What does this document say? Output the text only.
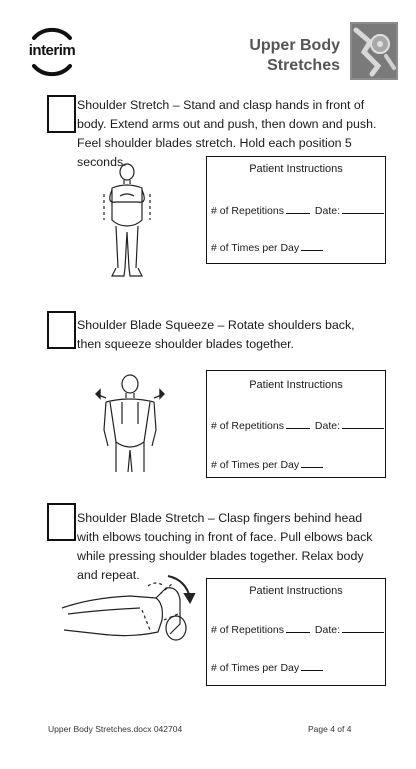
interim	Upper Body
Stretches
Shoulder Stretch – Stand and clasp hands in front of body. Extend arms out and push, then down and push. Feel shoulder blades stretch. Hold each position 5 seconds.	Patient Instructions
# of Repetitions	Date:
# of Times per Day
Shoulder Blade Squeeze – Rotate shoulders back, then squeeze shoulder blades together.
Patient Instructions
# of Repetitions	Date:
# of Times per Day
Shoulder Blade Stretch – Clasp fingers behind head with elbows touching in front of face. Pull elbows back while pressing shoulder blades together. Relax body and repeat.
Patient Instructions
# of Repetitions	Date:
# of Times per Day
Upper Body Stretches.docx 042704	Page 4 of 4
